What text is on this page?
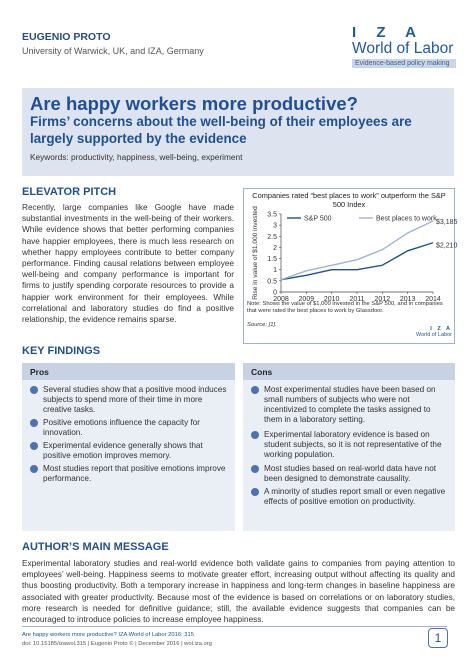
EUGENIO PROTO
University of Warwick, UK, and IZA, Germany
I Z A
World of Labor
Evidence-based policy making
Are happy workers more productive?
Firms’ concerns about the well-being of their employees are largely supported by the evidence
Keywords: productivity, happiness, well-being, experiment
ELEVATOR PITCH
Recently, large companies like Google have made substantial investments in the well-being of their workers. While evidence shows that better performing companies have happier employees, there is much less research on whether happy employees contribute to better company performance. Finding causal relations between employee well-being and company performance is important for firms to justify spending corporate resources to provide a happier work environment for their employees. While correlational and laboratory studies do find a positive relationship, the evidence remains sparse.
Companies rated “best places to work” outperform the S&P 500 Index
0
0.5
1
1.5
2
2.5
3
3.5
2008 2009 2010 2011 2012 2013 2014
Rise in value of $1,000 invested	S&P 500	Best places to work
$3,185
$2,210
Note: Shows the value of $1,000 invested in the S&P 500, and in companies that were rated the best places to work by Glassdoor.
Source: [1].
I Z A
World of Labor
KEY FINDINGS
Pros
Several studies show that a positive mood induces subjects to spend more of their time in more creative tasks.
Positive emotions influence the capacity for innovation.
Experimental evidence generally shows that positive emotion improves memory.
Most studies report that positive emotions improve performance.
Cons
Most experimental studies have been based on small numbers of subjects who were not incentivized to complete the tasks assigned to them in a laboratory setting.
Experimental laboratory evidence is based on student subjects, so it is not representative of the working population.
Most studies based on real-world data have not been designed to demonstrate causality.
A minority of studies report small or even negative effects of positive emotion on productivity.
AUTHOR’S MAIN MESSAGE
Experimental laboratory studies and real-world evidence both validate gains to companies from paying attention to employees’ well-being. Happiness seems to motivate greater effort, increasing output without affecting its quality and thus boosting productivity. Both a temporary increase in happiness and long-term changes in baseline happiness are associated with greater productivity. Because most of the evidence is based on correlations or on laboratory studies, more research is needed for definitive guidance; still, the available evidence suggests that companies can be encouraged to introduce policies to increase employee happiness.
Are happy workers more productive? IZA World of Labor 2016: 315
doi: 10.15185/izawol.315 | Eugenio Proto © | December 2016 | wol.iza.org	1
